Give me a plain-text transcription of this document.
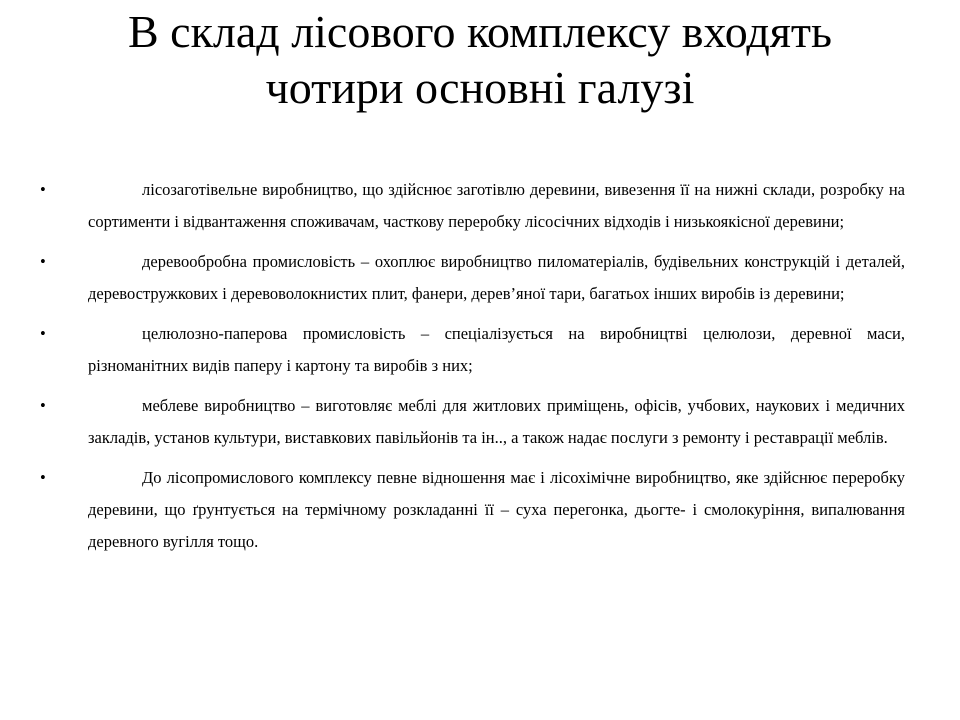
В склад лісового комплексу входять
чотири основні галузі
•	лісозаготівельне виробництво, що здійснює заготівлю деревини, вивезення її на нижні склади, розробку на сортименти і відвантаження споживачам, часткову переробку лісосічних відходів і низькоякісної деревини;
•	деревообробна промисловість – охоплює виробництво пиломатеріалів, будівельних конструкцій і деталей, деревостружкових і деревоволокнистих плит, фанери, дерев’яної тари, багатьох інших виробів із деревини;
•	целюлозно-паперова промисловість – спеціалізується на виробництві целюлози, деревної маси, різноманітних видів паперу і картону та виробів з них;
•	меблеве виробництво – виготовляє меблі для житлових приміщень, офісів, учбових, наукових і медичних закладів, установ культури, виставкових павільйонів та ін.., а також надає послуги з ремонту і реставрації меблів.
•	До лісопромислового комплексу певне відношення має і лісохімічне виробництво, яке здійснює переробку деревини, що ґрунтується на термічному розкладанні її – суха перегонка, дьогте- і смолокуріння, випалювання деревного вугілля тощо.
